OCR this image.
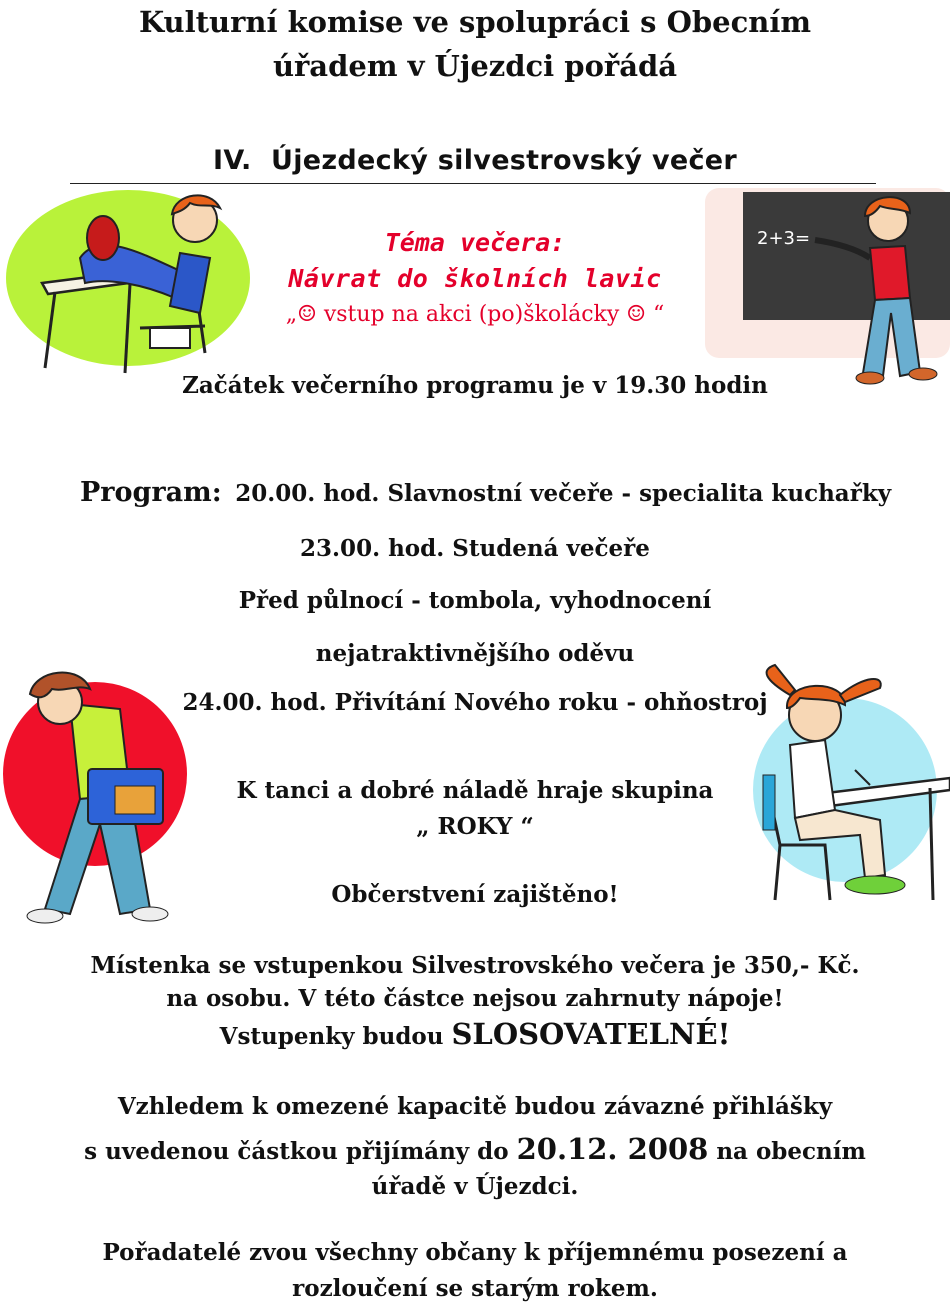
Kulturní komise ve spolupráci s Obecním
úřadem v Újezdci pořádá
IV.  Újezdecký silvestrovský večer
2+3=
Téma večera:
Návrat do školních lavic
„☺ vstup na akci (po)školácky ☺ “
Začátek večerního programu je v 19.30 hodin
Program: 20.00. hod. Slavnostní večeře - specialita kuchařky
23.00. hod. Studená večeře
Před půlnocí - tombola, vyhodnocení
nejatraktivnějšího oděvu
24.00. hod. Přivítání Nového roku - ohňostroj
K tanci a dobré náladě hraje skupina
„ ROKY “
Občerstvení zajištěno!
Místenka se vstupenkou Silvestrovského večera je 350,- Kč.
na osobu. V této částce nejsou zahrnuty nápoje!
Vstupenky budou SLOSOVATELNÉ!
Vzhledem k omezené kapacitě budou závazné přihlášky
s uvedenou částkou přijímány do 20.12. 2008 na obecním
úřadě v Újezdci.
Pořadatelé zvou všechny občany k příjemnému posezení a
rozloučení se starým rokem.
